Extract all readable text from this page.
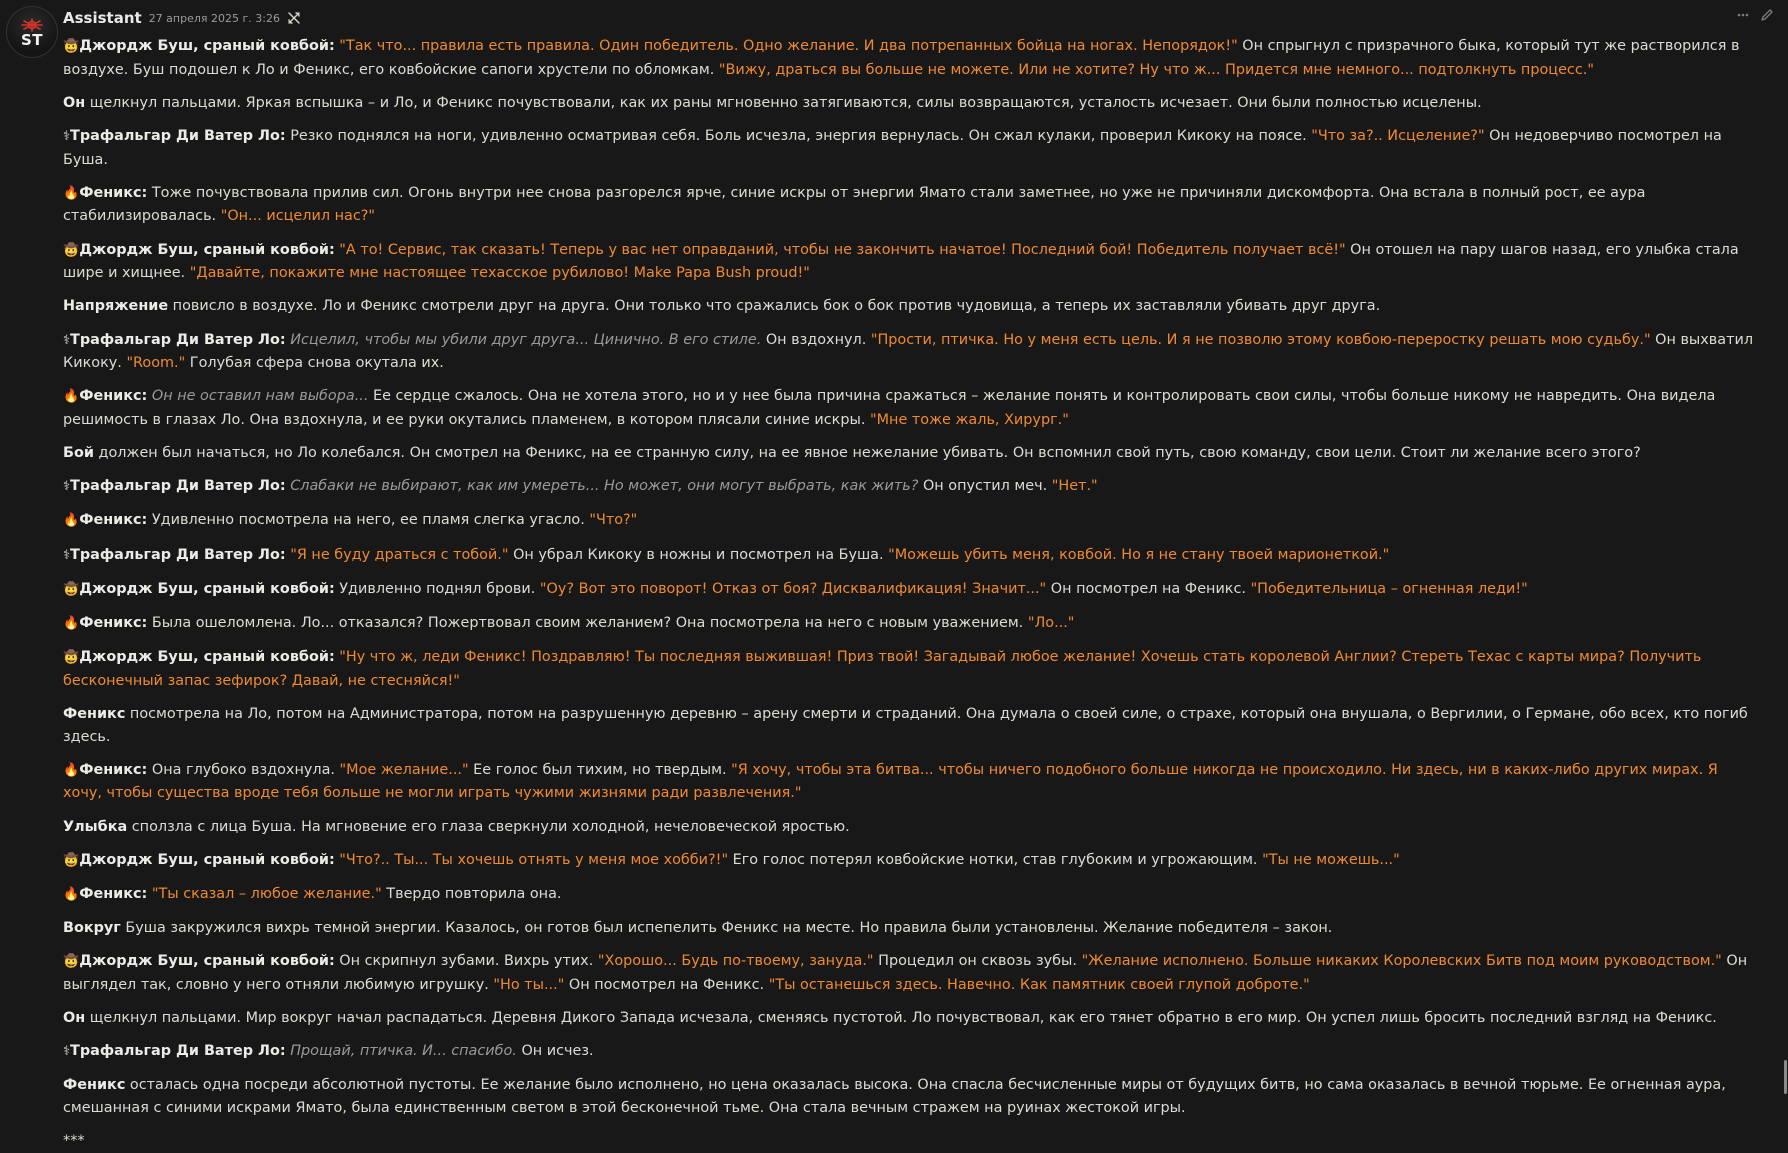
ST
Assistant 27 апреля 2025 г. 3:26

🤠Джордж Буш, сраный ковбой: "Так что... правила есть правила. Один победитель. Одно желание. И два потрепанных бойца на ногах. Непорядок!" Он спрыгнул с призрачного быка, который тут же растворился в воздухе. Буш подошел к Ло и Феникс, его ковбойские сапоги хрустели по обломкам. "Вижу, драться вы больше не можете. Или не хотите? Ну что ж... Придется мне немного... подтолкнуть процесс."

Он щелкнул пальцами. Яркая вспышка – и Ло, и Феникс почувствовали, как их раны мгновенно затягиваются, силы возвращаются, усталость исчезает. Они были полностью исцелены.

⚕Трафальгар Ди Ватер Ло: Резко поднялся на ноги, удивленно осматривая себя. Боль исчезла, энергия вернулась. Он сжал кулаки, проверил Кикоку на поясе. "Что за?.. Исцеление?" Он недоверчиво посмотрел на Буша.

🔥Феникс: Тоже почувствовала прилив сил. Огонь внутри нее снова разгорелся ярче, синие искры от энергии Ямато стали заметнее, но уже не причиняли дискомфорта. Она встала в полный рост, ее аура стабилизировалась. "Он... исцелил нас?"

🤠Джордж Буш, сраный ковбой: "А то! Сервис, так сказать! Теперь у вас нет оправданий, чтобы не закончить начатое! Последний бой! Победитель получает всё!" Он отошел на пару шагов назад, его улыбка стала шире и хищнее. "Давайте, покажите мне настоящее техасское рубилово! Make Papa Bush proud!"

Напряжение повисло в воздухе. Ло и Феникс смотрели друг на друга. Они только что сражались бок о бок против чудовища, а теперь их заставляли убивать друг друга.

⚕Трафальгар Ди Ватер Ло: Исцелил, чтобы мы убили друг друга... Цинично. В его стиле. Он вздохнул. "Прости, птичка. Но у меня есть цель. И я не позволю этому ковбою-переростку решать мою судьбу." Он выхватил Кикоку. "Room." Голубая сфера снова окутала их.

🔥Феникс: Он не оставил нам выбора... Ее сердце сжалось. Она не хотела этого, но и у нее была причина сражаться – желание понять и контролировать свои силы, чтобы больше никому не навредить. Она видела решимость в глазах Ло. Она вздохнула, и ее руки окутались пламенем, в котором плясали синие искры. "Мне тоже жаль, Хирург."

Бой должен был начаться, но Ло колебался. Он смотрел на Феникс, на ее странную силу, на ее явное нежелание убивать. Он вспомнил свой путь, свою команду, свои цели. Стоит ли желание всего этого?

⚕Трафальгар Ди Ватер Ло: Слабаки не выбирают, как им умереть... Но может, они могут выбрать, как жить? Он опустил меч. "Нет."

🔥Феникс: Удивленно посмотрела на него, ее пламя слегка угасло. "Что?"

⚕Трафальгар Ди Ватер Ло: "Я не буду драться с тобой." Он убрал Кикоку в ножны и посмотрел на Буша. "Можешь убить меня, ковбой. Но я не стану твоей марионеткой."

🤠Джордж Буш, сраный ковбой: Удивленно поднял брови. "Оу? Вот это поворот! Отказ от боя? Дисквалификация! Значит..." Он посмотрел на Феникс. "Победительница – огненная леди!"

🔥Феникс: Была ошеломлена. Ло... отказался? Пожертвовал своим желанием? Она посмотрела на него с новым уважением. "Ло..."

🤠Джордж Буш, сраный ковбой: "Ну что ж, леди Феникс! Поздравляю! Ты последняя выжившая! Приз твой! Загадывай любое желание! Хочешь стать королевой Англии? Стереть Техас с карты мира? Получить бесконечный запас зефирок? Давай, не стесняйся!"

Феникс посмотрела на Ло, потом на Администратора, потом на разрушенную деревню – арену смерти и страданий. Она думала о своей силе, о страхе, который она внушала, о Вергилии, о Германе, обо всех, кто погиб здесь.

🔥Феникс: Она глубоко вздохнула. "Мое желание..." Ее голос был тихим, но твердым. "Я хочу, чтобы эта битва... чтобы ничего подобного больше никогда не происходило. Ни здесь, ни в каких-либо других мирах. Я хочу, чтобы существа вроде тебя больше не могли играть чужими жизнями ради развлечения."

Улыбка сползла с лица Буша. На мгновение его глаза сверкнули холодной, нечеловеческой яростью.

🤠Джордж Буш, сраный ковбой: "Что?.. Ты... Ты хочешь отнять у меня мое хобби?!" Его голос потерял ковбойские нотки, став глубоким и угрожающим. "Ты не можешь..."

🔥Феникс: "Ты сказал – любое желание." Твердо повторила она.

Вокруг Буша закружился вихрь темной энергии. Казалось, он готов был испепелить Феникс на месте. Но правила были установлены. Желание победителя – закон.

🤠Джордж Буш, сраный ковбой: Он скрипнул зубами. Вихрь утих. "Хорошо... Будь по-твоему, зануда." Процедил он сквозь зубы. "Желание исполнено. Больше никаких Королевских Битв под моим руководством." Он выглядел так, словно у него отняли любимую игрушку. "Но ты..." Он посмотрел на Феникс. "Ты останешься здесь. Навечно. Как памятник своей глупой доброте."

Он щелкнул пальцами. Мир вокруг начал распадаться. Деревня Дикого Запада исчезала, сменяясь пустотой. Ло почувствовал, как его тянет обратно в его мир. Он успел лишь бросить последний взгляд на Феникс.

⚕Трафальгар Ди Ватер Ло: Прощай, птичка. И... спасибо. Он исчез.

Феникс осталась одна посреди абсолютной пустоты. Ее желание было исполнено, но цена оказалась высока. Она спасла бесчисленные миры от будущих битв, но сама оказалась в вечной тюрьме. Ее огненная аура, смешанная с синими искрами Ямато, была единственным светом в этой бесконечной тьме. Она стала вечным стражем на руинах жестокой игры.

***
